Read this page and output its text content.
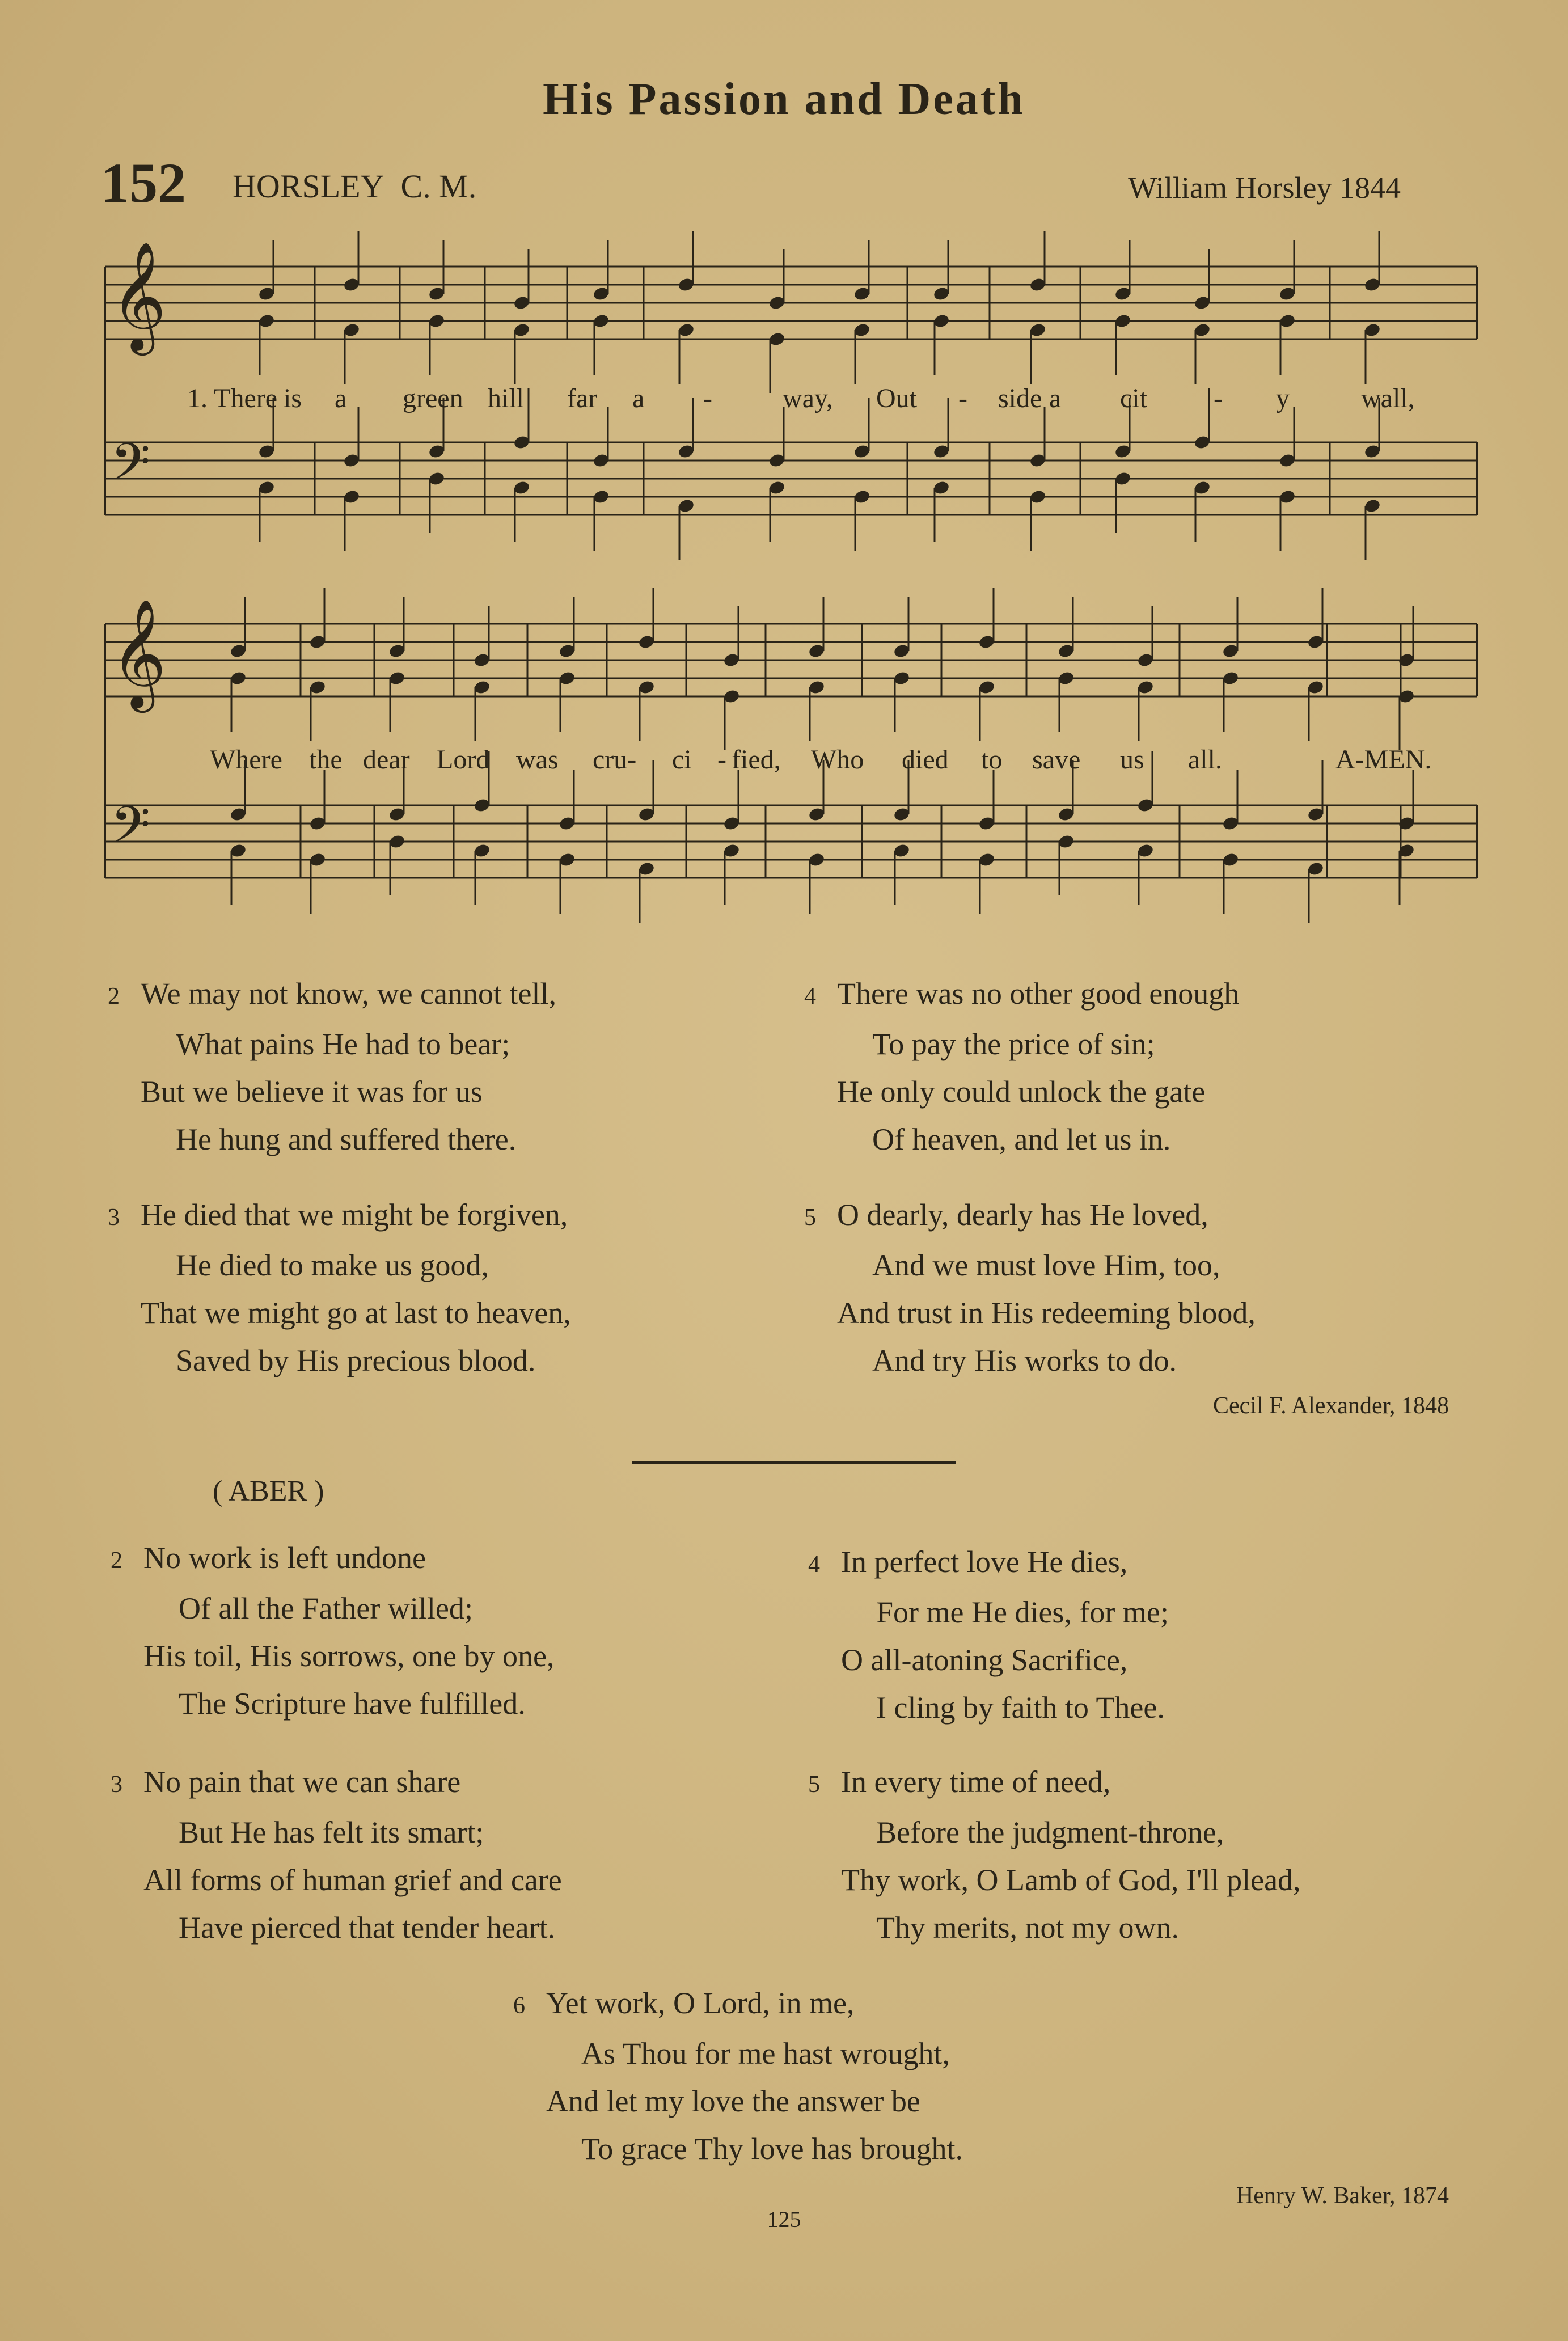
His Passion and Death
152 HORSLEY C. M.	William Horsley 1844
𝄞
𝄢
𝄞
𝄢
1. There is a green hill far a -	way, Out - side a cit - y	wall,
Where the dear Lord was cru- ci - fied, Who died to save us all.	A-MEN.
2 We may not know, we cannot tell,
What pains He had to bear;
But we believe it was for us
He hung and suffered there.
3 He died that we might be forgiven,
He died to make us good,
That we might go at last to heaven,
Saved by His precious blood.
4 There was no other good enough
To pay the price of sin;
He only could unlock the gate
Of heaven, and let us in.
5 O dearly, dearly has He loved,
And we must love Him, too,
And trust in His redeeming blood,
And try His works to do.
Cecil F. Alexander, 1848
( ABER )
2 No work is left undone
Of all the Father willed;
His toil, His sorrows, one by one,
The Scripture have fulfilled.
3 No pain that we can share
But He has felt its smart;
All forms of human grief and care
Have pierced that tender heart.
4 In perfect love He dies,
For me He dies, for me;
O all-atoning Sacrifice,
I cling by faith to Thee.
5 In every time of need,
Before the judgment-throne,
Thy work, O Lamb of God, I'll plead,
Thy merits, not my own.
6 Yet work, O Lord, in me,
As Thou for me hast wrought,
And let my love the answer be
To grace Thy love has brought.
Henry W. Baker, 1874
125
